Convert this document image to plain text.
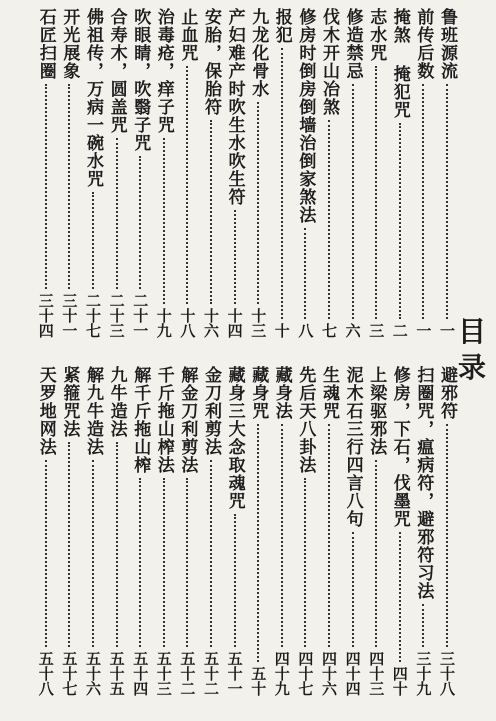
目
录
鲁班源流
一
前传后数
一
掩煞 掩犯咒
二
志水咒
三
修造禁忌
六
伐木开山冶煞
七
修房时倒房倒墙治倒家煞法
八
报犯
十
九龙化骨水
十三
产妇难产时吹生水吹生符
十四
安胎，保胎符
十六
止血咒
十八
治毒疮，痒子咒
十九
吹眼睛，吹翳子咒
二十一
合寿木，圆盖咒
二十三
佛祖传，万病一碗水咒
二十七
开光展象
三十一
石匠扫圈
三十四
避邪符
三十八
扫圈咒，瘟病符，避邪符习法
三十九
修房，下石，伐墨咒
四十
上梁驱邪法
四十三
泥木石三行四言八句
四十四
生魂咒
四十六
先后天八卦法
四十七
藏身法
四十九
藏身咒
五十
藏身三大念取魂咒
五十一
金刀利剪法
五十二
解金刀利剪法
五十二
千斤拖山榨法
五十三
解千斤拖山榨
五十四
九牛造法
五十五
解九牛造法
五十六
紧箍咒法
五十七
天罗地网法
五十八
